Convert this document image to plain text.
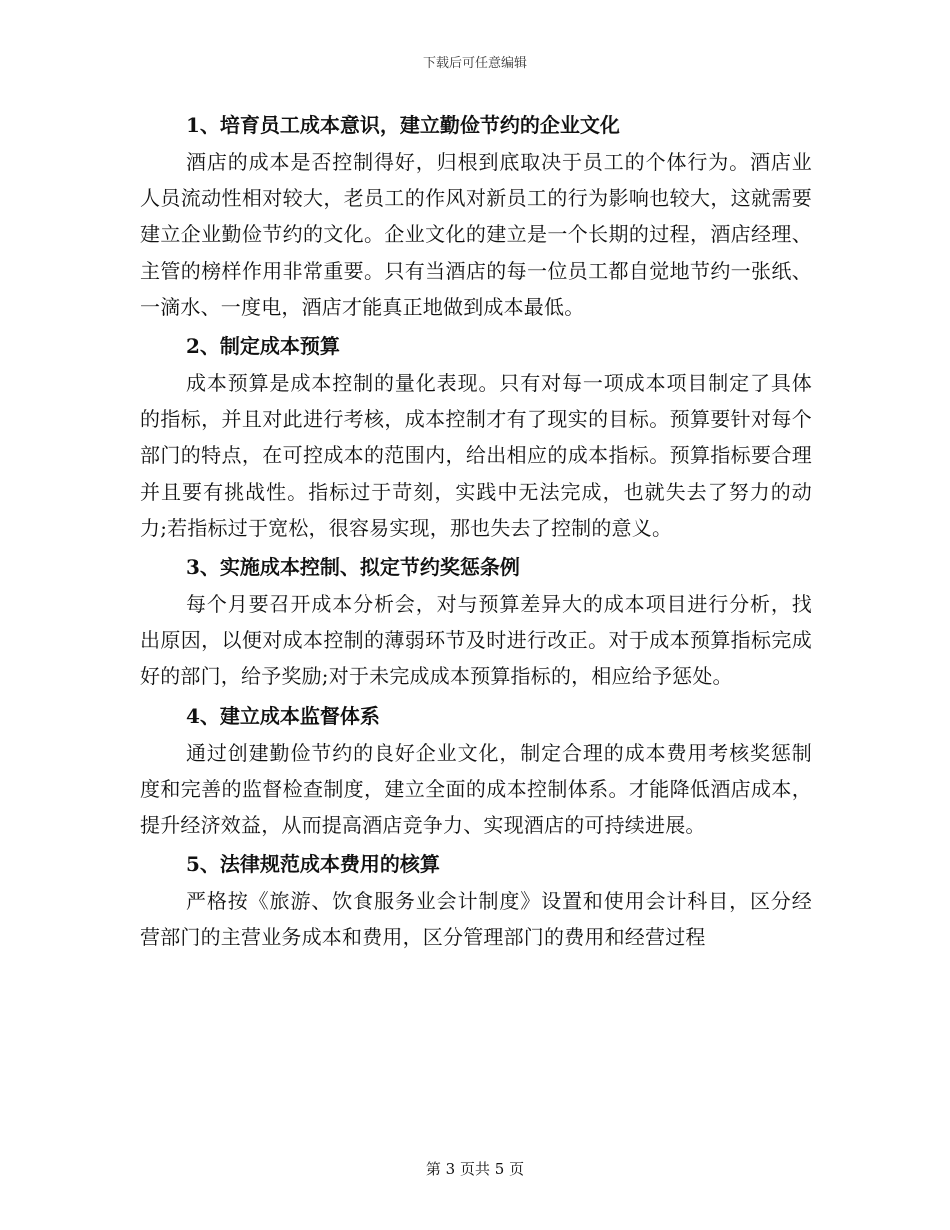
下载后可任意编辑
1、培育员工成本意识，建立勤俭节约的企业文化

酒店的成本是否控制得好，归根到底取决于员工的个体行为。酒店业人员流动性相对较大，老员工的作风对新员工的行为影响也较大，这就需要建立企业勤俭节约的文化。企业文化的建立是一个长期的过程，酒店经理、主管的榜样作用非常重要。只有当酒店的每一位员工都自觉地节约一张纸、一滴水、一度电，酒店才能真正地做到成本最低。

2、制定成本预算

成本预算是成本控制的量化表现。只有对每一项成本项目制定了具体的指标，并且对此进行考核，成本控制才有了现实的目标。预算要针对每个部门的特点，在可控成本的范围内，给出相应的成本指标。预算指标要合理并且要有挑战性。指标过于苛刻，实践中无法完成，也就失去了努力的动力;若指标过于宽松，很容易实现，那也失去了控制的意义。

3、实施成本控制、拟定节约奖惩条例

每个月要召开成本分析会，对与预算差异大的成本项目进行分析，找出原因，以便对成本控制的薄弱环节及时进行改正。对于成本预算指标完成好的部门，给予奖励;对于未完成成本预算指标的，相应给予惩处。

4、建立成本监督体系

通过创建勤俭节约的良好企业文化，制定合理的成本费用考核奖惩制度和完善的监督检查制度，建立全面的成本控制体系。才能降低酒店成本，提升经济效益，从而提高酒店竞争力、实现酒店的可持续进展。

5、法律规范成本费用的核算

严格按《旅游、饮食服务业会计制度》设置和使用会计科目，区分经营部门的主营业务成本和费用，区分管理部门的费用和经营过程

第 3 页共 5 页
